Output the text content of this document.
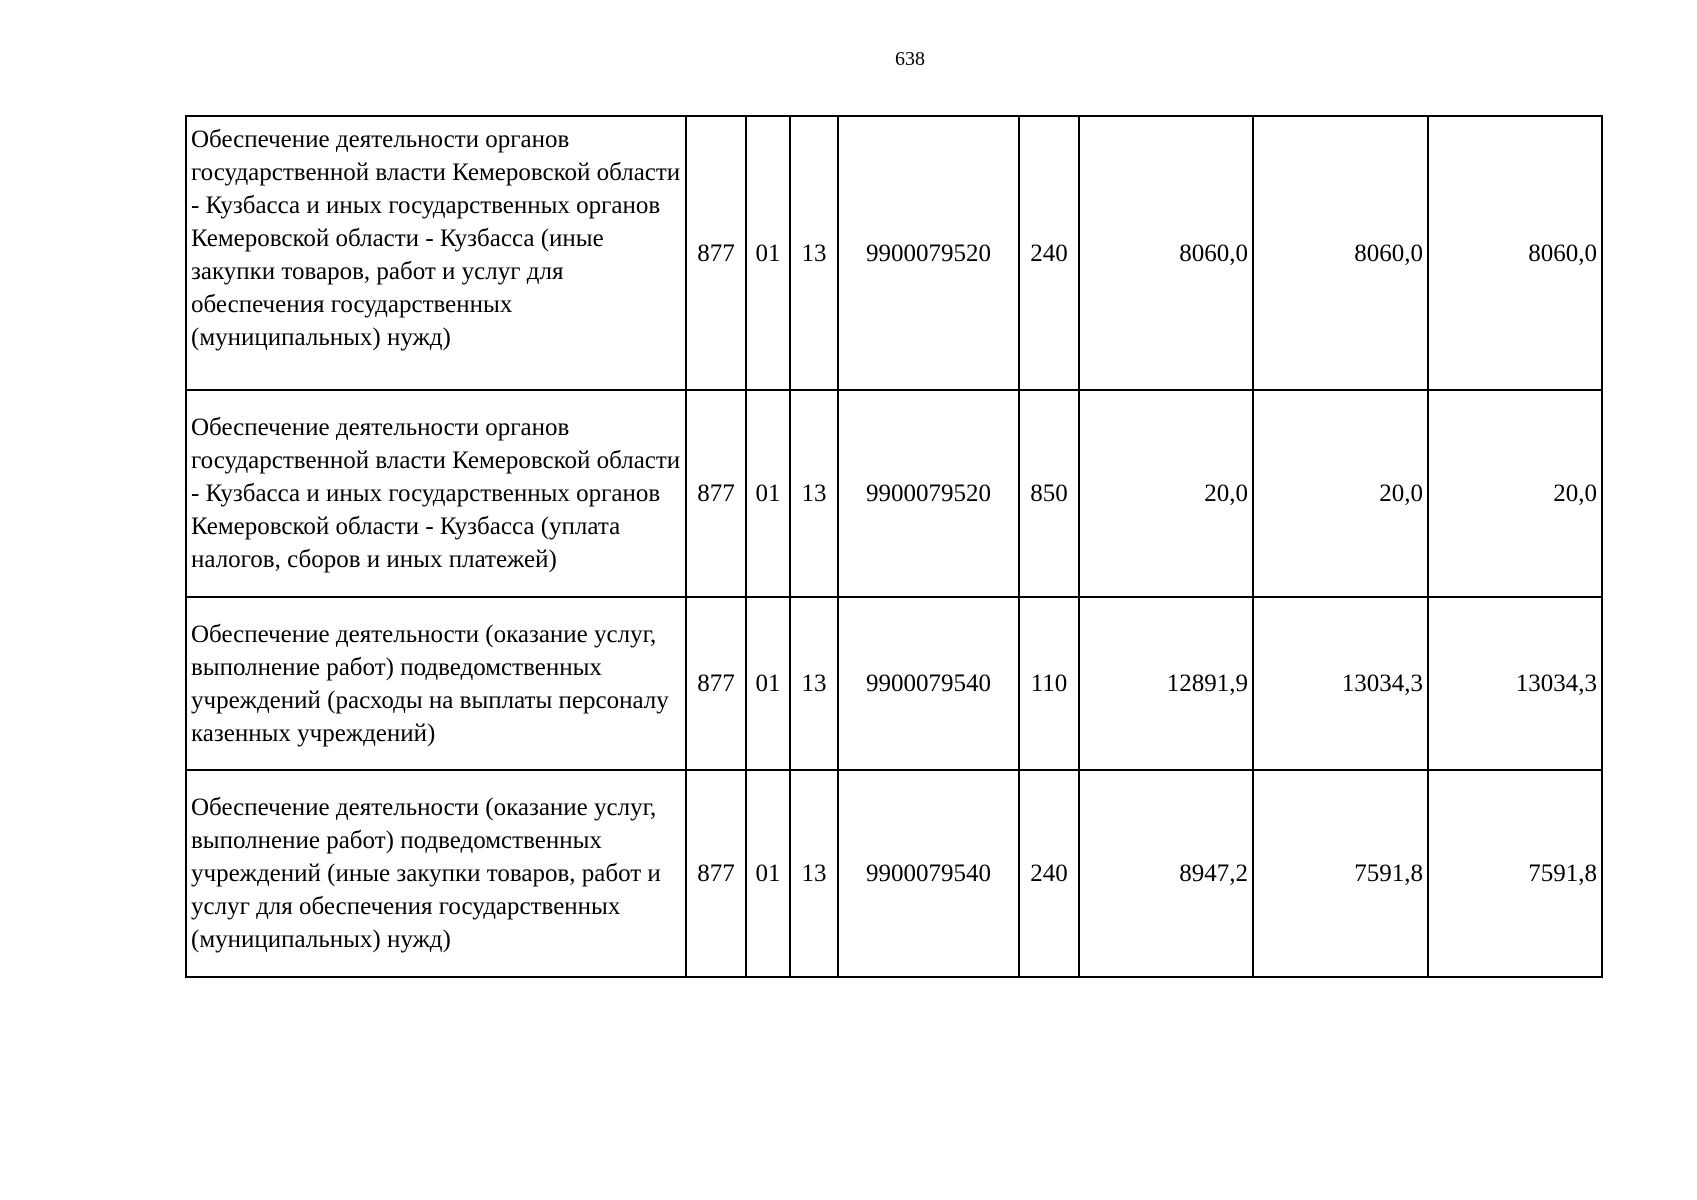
638
Обеспечение деятельности органов государственной власти Кемеровской области - Кузбасса и иных государственных органов Кемеровской области - Кузбасса (иные закупки товаров, работ и услуг для обеспечения государственных (муниципальных) нужд)	877	01	13	9900079520	240	8060,0	8060,0	8060,0
Обеспечение деятельности органов государственной власти Кемеровской области - Кузбасса и иных государственных органов Кемеровской области - Кузбасса (уплата налогов, сборов и иных платежей)	877	01	13	9900079520	850	20,0	20,0	20,0
Обеспечение деятельности (оказание услуг, выполнение работ) подведомственных учреждений (расходы на выплаты персоналу казенных учреждений)	877	01	13	9900079540	110	12891,9	13034,3	13034,3
Обеспечение деятельности (оказание услуг, выполнение работ) подведомственных учреждений (иные закупки товаров, работ и услуг для обеспечения государственных (муниципальных) нужд)	877	01	13	9900079540	240	8947,2	7591,8	7591,8
